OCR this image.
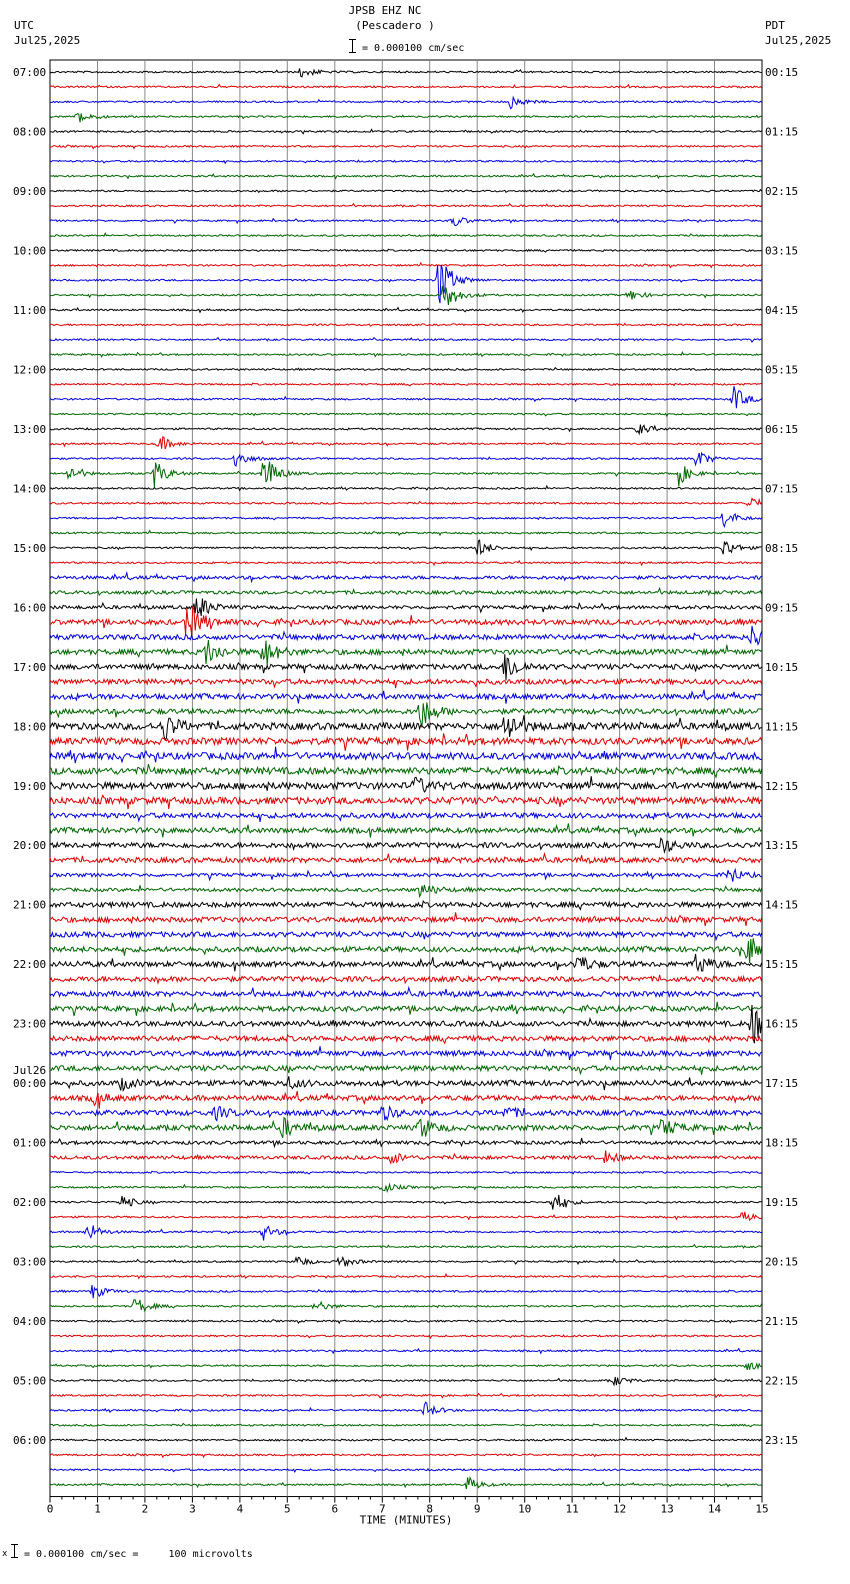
JPSB EHZ NC
(Pescadero )
UTC
Jul25,2025
PDT
Jul25,2025
= 0.000100 cm/sec
07:00
08:00
09:00
10:00
11:00
12:00
13:00
14:00
15:00
16:00
17:00
18:00
19:00
20:00
21:00
22:00
23:00
00:00
Jul26
01:00
02:00
03:00
04:00
05:00
06:00
00:15
01:15
02:15
03:15
04:15
05:15
06:15
07:15
08:15
09:15
10:15
11:15
12:15
13:15
14:15
15:15
16:15
17:15
18:15
19:15
20:15
21:15
22:15
23:15
0	1	2	3	4	5	6	7	8	9	10	11	12	13	14	15
TIME (MINUTES)
x = 0.000100 cm/sec =     100 microvolts
